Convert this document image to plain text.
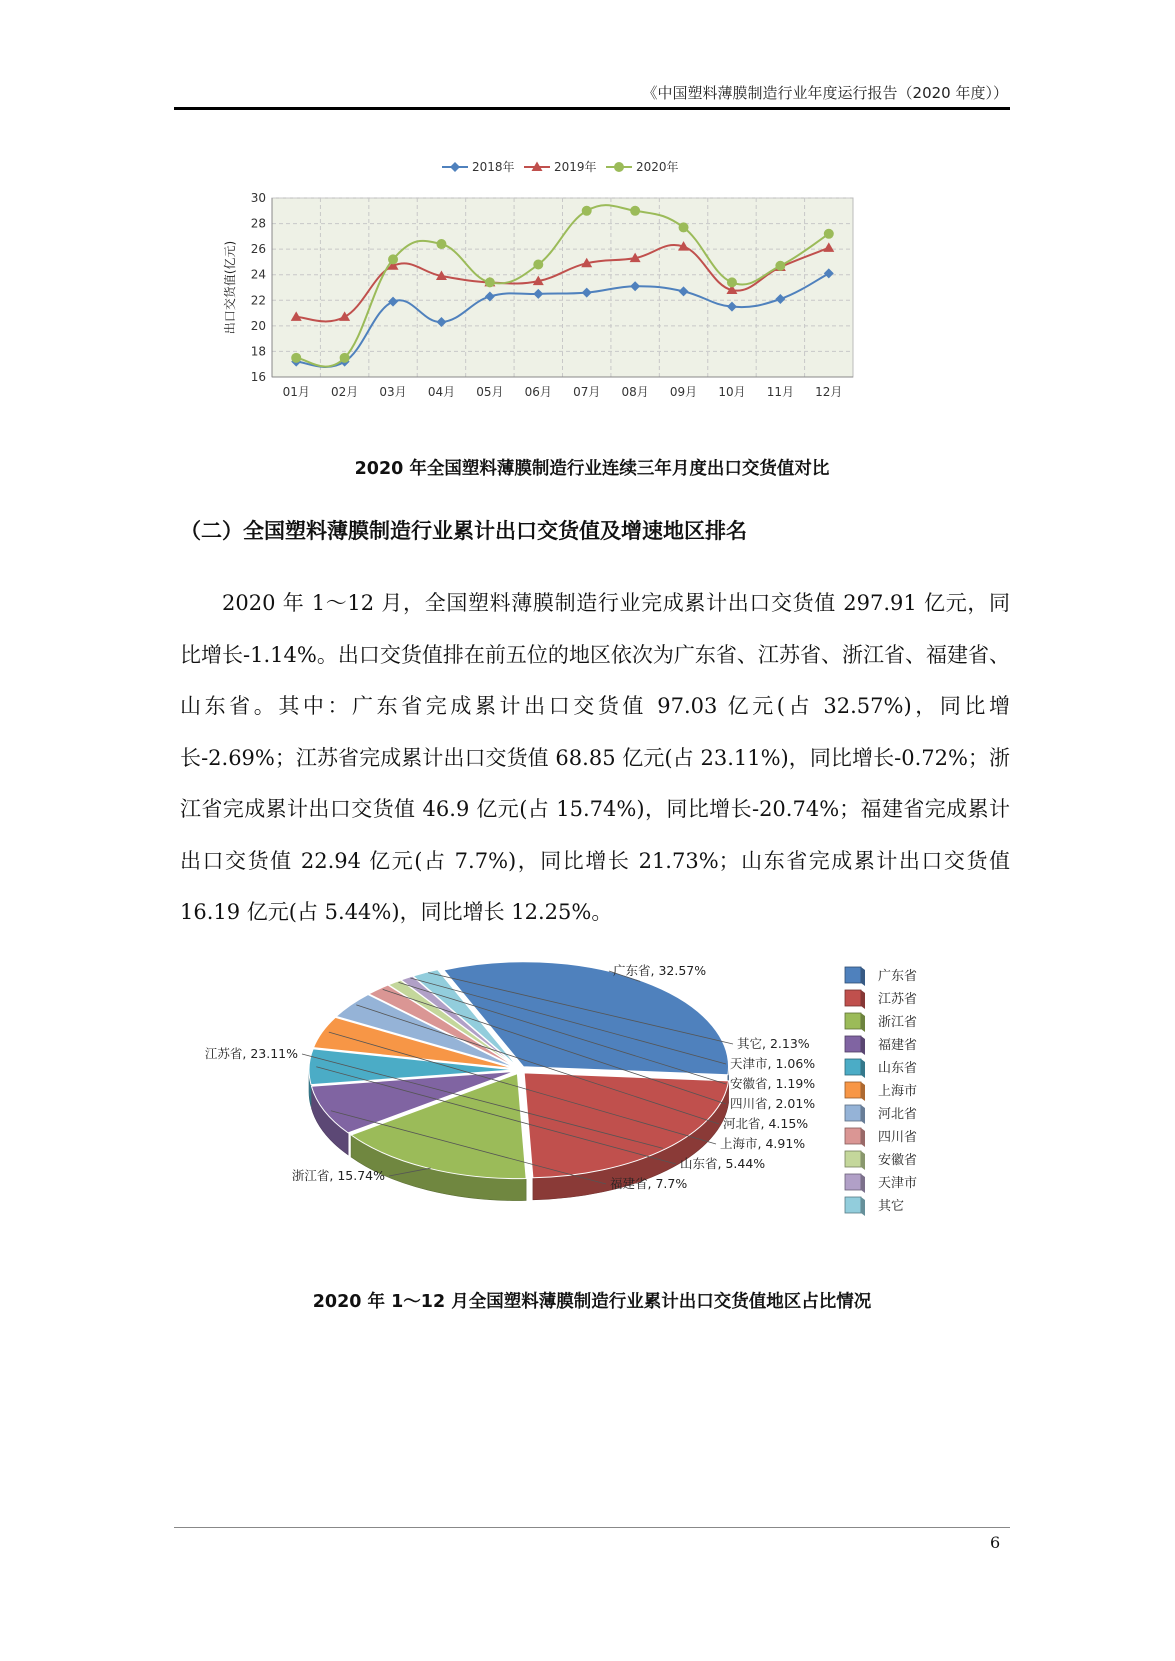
《中国塑料薄膜制造行业年度运行报告（2020 年度））
16
18
20
22
24
26
28
30
01月 02月 03月 04月 05月 06月 07月 08月 09月 10月 11月 12月
出口交货值(亿元)
2018年	2019年	2020年
2020 年全国塑料薄膜制造行业连续三年月度出口交货值对比
（二）全国塑料薄膜制造行业累计出口交货值及增速地区排名
2020 年 1～12 月，全国塑料薄膜制造行业完成累计出口交货值 297.91 亿元，同比增长-1.14%。出口交货值排在前五位的地区依次为广东省、江苏省、浙江省、福建省、山东省。其中：广东省完成累计出口交货值 97.03 亿元(占 32.57%)，同比增长-2.69%；江苏省完成累计出口交货值 68.85 亿元(占 23.11%)，同比增长-0.72%；浙江省完成累计出口交货值 46.9 亿元(占 15.74%)，同比增长-20.74%；福建省完成累计出口交货值 22.94 亿元(占 7.7%)，同比增长 21.73%；山东省完成累计出口交货值 16.19 亿元(占 5.44%)，同比增长 12.25%。
广东省, 32.57%
江苏省, 23.11%
浙江省, 15.74%
福建省, 7.7%
山东省, 5.44%
上海市, 4.91%
河北省, 4.15%
四川省, 2.01%
安徽省, 1.19%
天津市, 1.06%
其它, 2.13%
广东省
江苏省
浙江省
福建省
山东省
上海市
河北省
四川省
安徽省
天津市
其它
2020 年 1～12 月全国塑料薄膜制造行业累计出口交货值地区占比情况
6
